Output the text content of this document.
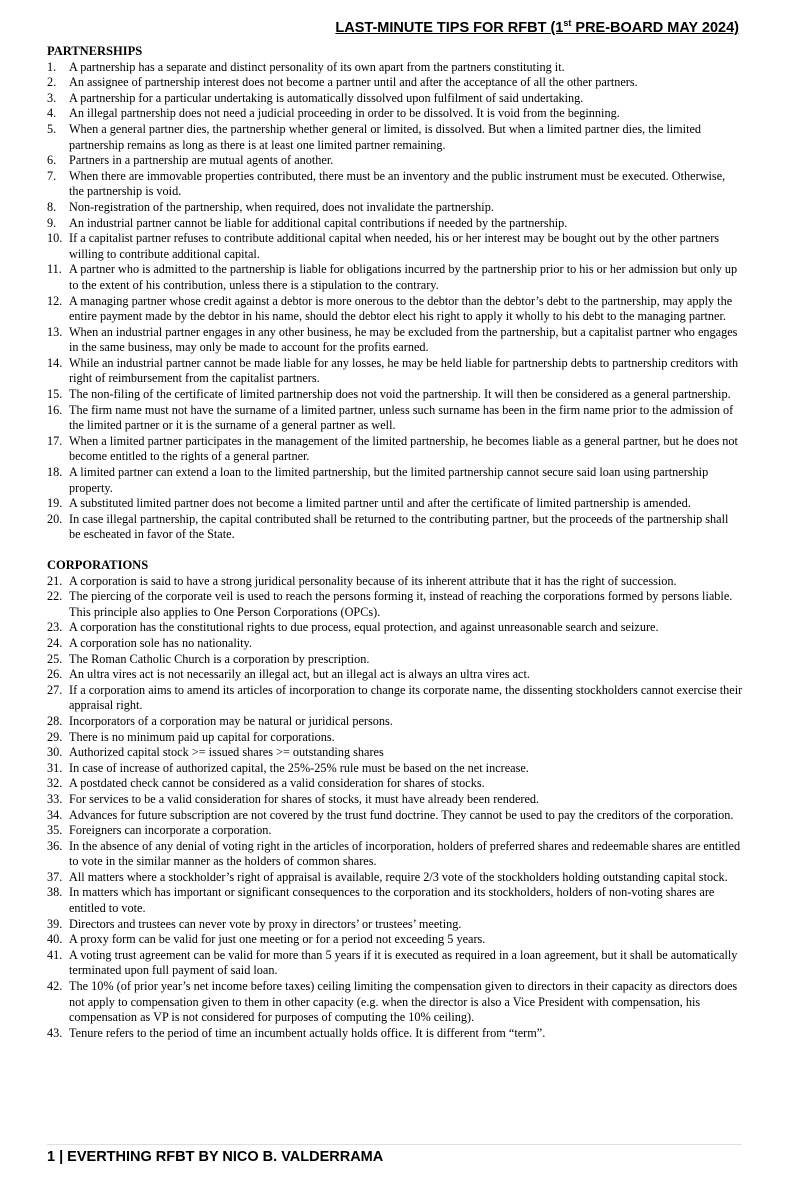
LAST-MINUTE TIPS FOR RFBT (1st PRE-BOARD MAY 2024)
PARTNERSHIPS
1.	A partnership has a separate and distinct personality of its own apart from the partners constituting it.
2.	An assignee of partnership interest does not become a partner until and after the acceptance of all the other partners.
3.	A partnership for a particular undertaking is automatically dissolved upon fulfilment of said undertaking.
4.	An illegal partnership does not need a judicial proceeding in order to be dissolved. It is void from the beginning.
5.	When a general partner dies, the partnership whether general or limited, is dissolved. But when a limited partner dies, the limited partnership remains as long as there is at least one limited partner remaining.
6.	Partners in a partnership are mutual agents of another.
7.	When there are immovable properties contributed, there must be an inventory and the public instrument must be executed. Otherwise, the partnership is void.
8.	Non-registration of the partnership, when required, does not invalidate the partnership.
9.	An industrial partner cannot be liable for additional capital contributions if needed by the partnership.
10. If a capitalist partner refuses to contribute additional capital when needed, his or her interest may be bought out by the other partners willing to contribute additional capital.
11. A partner who is admitted to the partnership is liable for obligations incurred by the partnership prior to his or her admission but only up to the extent of his contribution, unless there is a stipulation to the contrary.
12. A managing partner whose credit against a debtor is more onerous to the debtor than the debtor’s debt to the partnership, may apply the entire payment made by the debtor in his name, should the debtor elect his right to apply it wholly to his debt to the managing partner.
13. When an industrial partner engages in any other business, he may be excluded from the partnership, but a capitalist partner who engages in the same business, may only be made to account for the profits earned.
14. While an industrial partner cannot be made liable for any losses, he may be held liable for partnership debts to partnership creditors with right of reimbursement from the capitalist partners.
15. The non-filing of the certificate of limited partnership does not void the partnership. It will then be considered as a general partnership.
16. The firm name must not have the surname of a limited partner, unless such surname has been in the firm name prior to the admission of the limited partner or it is the surname of a general partner as well.
17. When a limited partner participates in the management of the limited partnership, he becomes liable as a general partner, but he does not become entitled to the rights of a general partner.
18. A limited partner can extend a loan to the limited partnership, but the limited partnership cannot secure said loan using partnership property.
19. A substituted limited partner does not become a limited partner until and after the certificate of limited partnership is amended.
20. In case illegal partnership, the capital contributed shall be returned to the contributing partner, but the proceeds of the partnership shall be escheated in favor of the State.
CORPORATIONS
21. A corporation is said to have a strong juridical personality because of its inherent attribute that it has the right of succession.
22. The piercing of the corporate veil is used to reach the persons forming it, instead of reaching the corporations formed by persons liable. This principle also applies to One Person Corporations (OPCs).
23. A corporation has the constitutional rights to due process, equal protection, and against unreasonable search and seizure.
24. A corporation sole has no nationality.
25. The Roman Catholic Church is a corporation by prescription.
26. An ultra vires act is not necessarily an illegal act, but an illegal act is always an ultra vires act.
27. If a corporation aims to amend its articles of incorporation to change its corporate name, the dissenting stockholders cannot exercise their appraisal right.
28. Incorporators of a corporation may be natural or juridical persons.
29. There is no minimum paid up capital for corporations.
30. Authorized capital stock >= issued shares >= outstanding shares
31. In case of increase of authorized capital, the 25%-25% rule must be based on the net increase.
32. A postdated check cannot be considered as a valid consideration for shares of stocks.
33. For services to be a valid consideration for shares of stocks, it must have already been rendered.
34. Advances for future subscription are not covered by the trust fund doctrine. They cannot be used to pay the creditors of the corporation.
35. Foreigners can incorporate a corporation.
36. In the absence of any denial of voting right in the articles of incorporation, holders of preferred shares and redeemable shares are entitled to vote in the similar manner as the holders of common shares.
37. All matters where a stockholder’s right of appraisal is available, require 2/3 vote of the stockholders holding outstanding capital stock.
38. In matters which has important or significant consequences to the corporation and its stockholders, holders of non-voting shares are entitled to vote.
39. Directors and trustees can never vote by proxy in directors’ or trustees’ meeting.
40. A proxy form can be valid for just one meeting or for a period not exceeding 5 years.
41. A voting trust agreement can be valid for more than 5 years if it is executed as required in a loan agreement, but it shall be automatically terminated upon full payment of said loan.
42. The 10% (of prior year’s net income before taxes) ceiling limiting the compensation given to directors in their capacity as directors does not apply to compensation given to them in other capacity (e.g. when the director is also a Vice President with compensation, his compensation as VP is not considered for purposes of computing the 10% ceiling).
43. Tenure refers to the period of time an incumbent actually holds office. It is different from “term”.
1 | EVERTHING RFBT BY NICO B. VALDERRAMA
